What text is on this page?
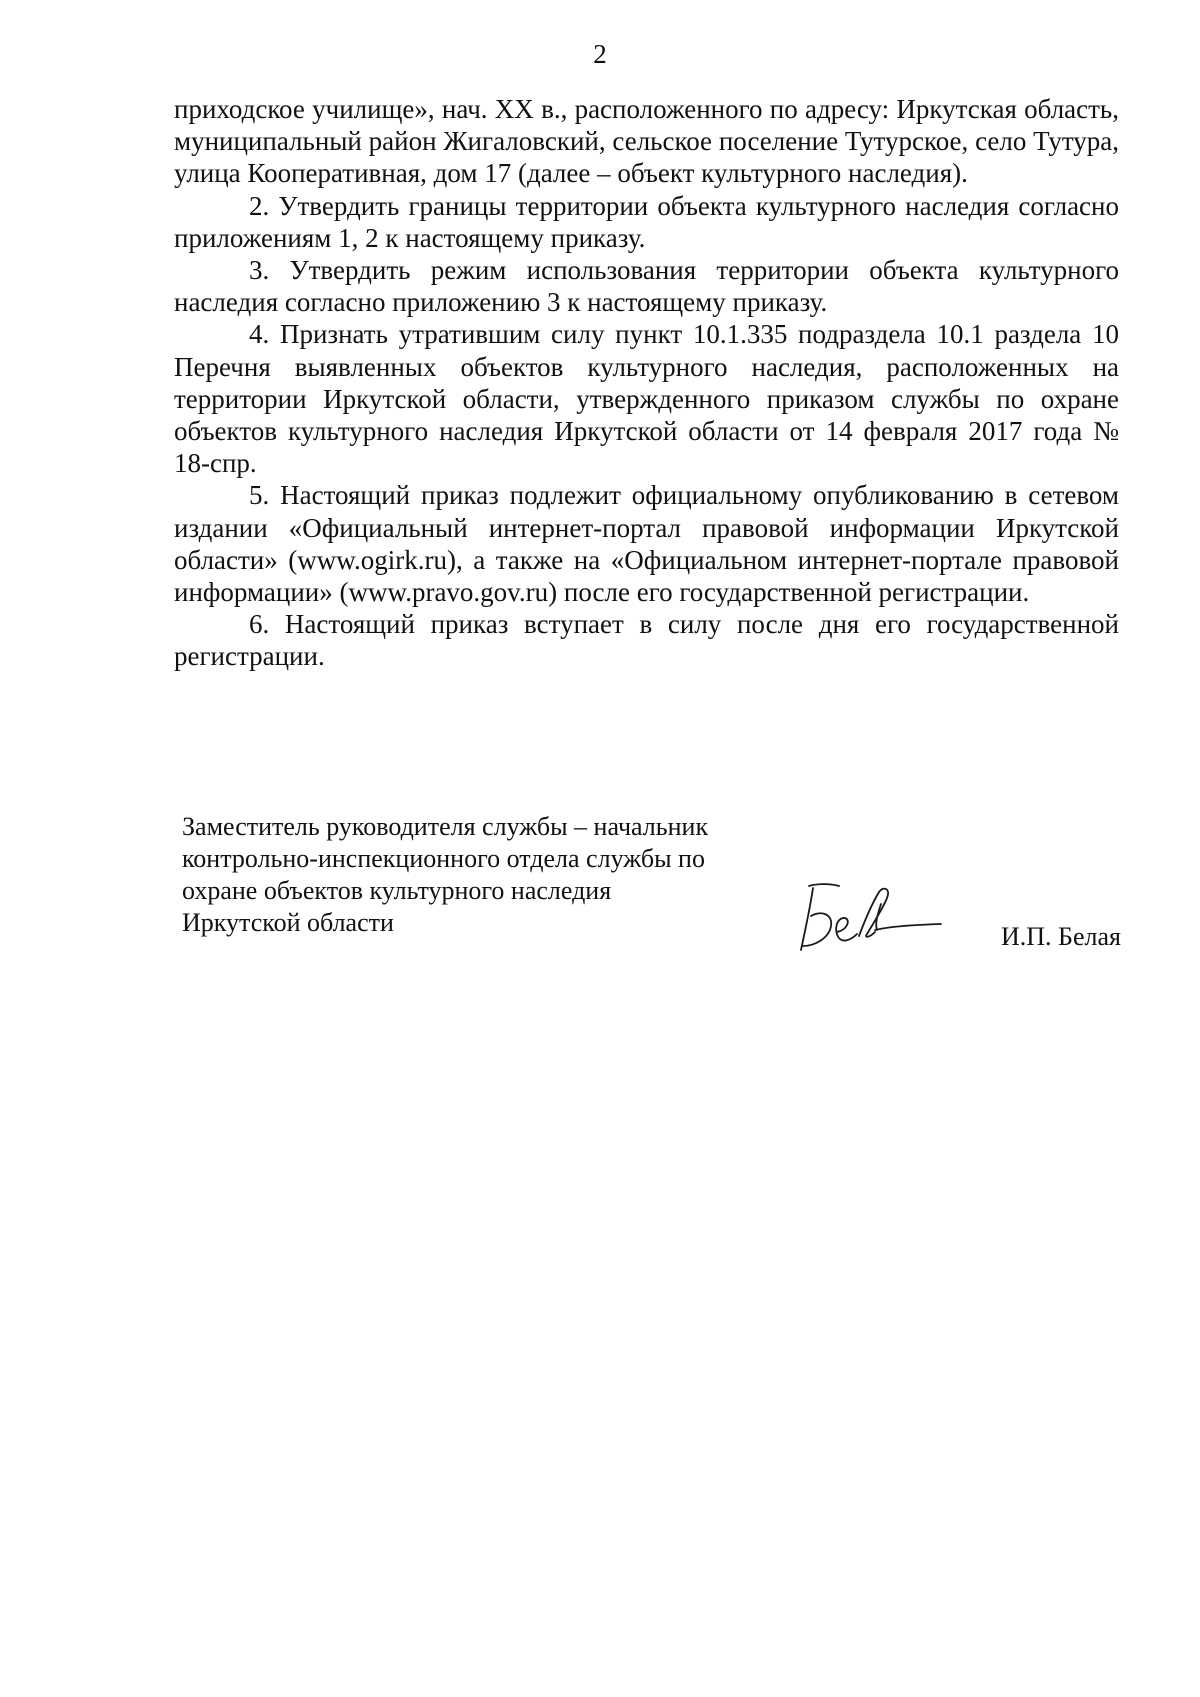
2

приходское училище», нач. XX в., расположенного по адресу: Иркутская область, муниципальный район Жигаловский, сельское поселение Тутурское, село Тутура, улица Кооперативная, дом 17 (далее – объект культурного наследия).

2. Утвердить границы территории объекта культурного наследия согласно приложениям 1, 2 к настоящему приказу.

3. Утвердить режим использования территории объекта культурного наследия согласно приложению 3 к настоящему приказу.

4. Признать утратившим силу пункт 10.1.335 подраздела 10.1 раздела 10 Перечня выявленных объектов культурного наследия, расположенных на территории Иркутской области, утвержденного приказом службы по охране объектов культурного наследия Иркутской области от 14 февраля 2017 года № 18-спр.

5. Настоящий приказ подлежит официальному опубликованию в сетевом издании «Официальный интернет-портал правовой информации Иркутской области» (www.ogirk.ru), а также на «Официальном интернет-портале правовой информации» (www.pravo.gov.ru) после его государственной регистрации.

6. Настоящий приказ вступает в силу после дня его государственной регистрации.

Заместитель руководителя службы – начальник
контрольно-инспекционного отдела службы по
охране объектов культурного наследия
Иркутской области	И.П. Белая
